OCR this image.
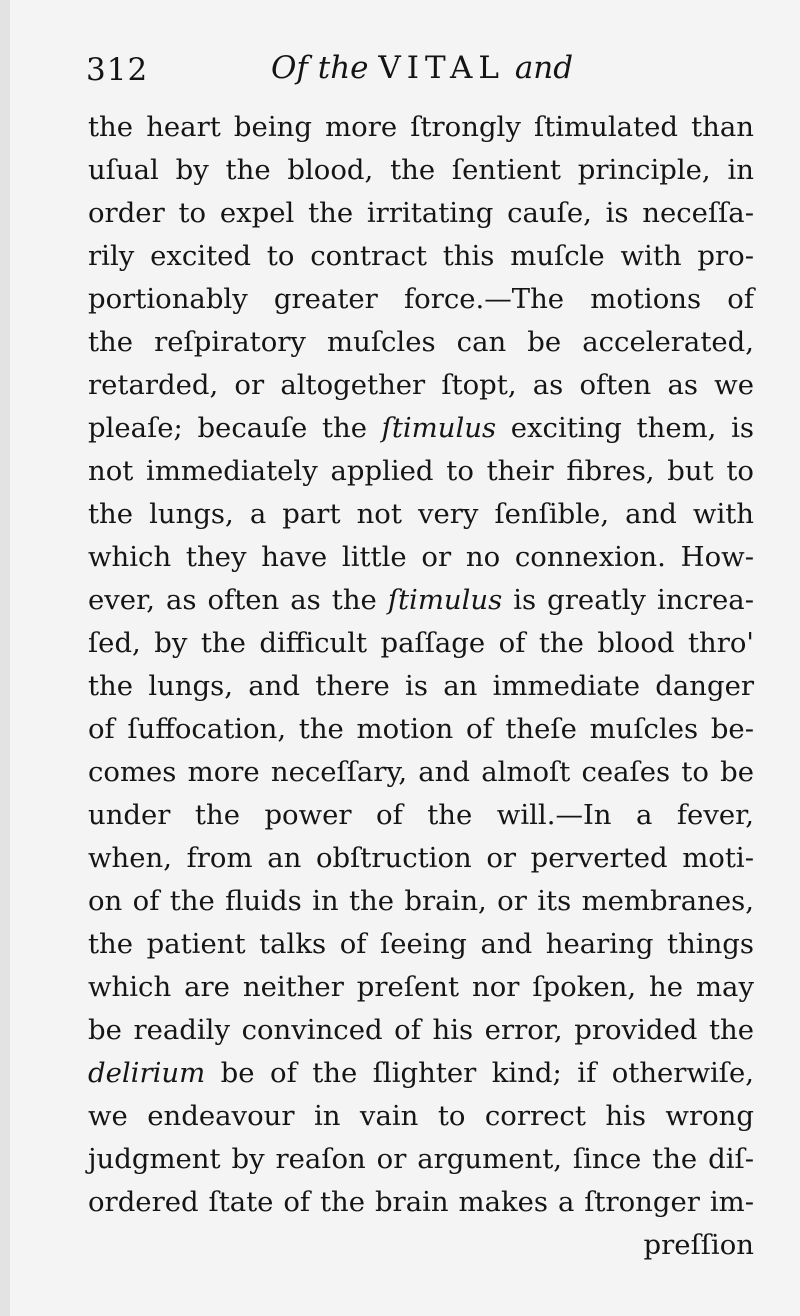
312	Of the VITAL and
the heart being more ſtrongly ſtimulated than
uſual by the blood, the ſentient principle, in
order to expel the irritating cauſe, is neceſſa-
rily excited to contract this muſcle with pro-
portionably greater force.—The motions of
the reſpiratory muſcles can be accelerated,
retarded, or altogether ſtopt, as often as we
pleaſe; becauſe the ſtimulus exciting them, is
not immediately applied to their fibres, but to
the lungs, a part not very ſenſible, and with
which they have little or no connexion. How-
ever, as often as the ſtimulus is greatly increa-
ſed, by the difficult paſſage of the blood thro'
the lungs, and there is an immediate danger
of ſuffocation, the motion of theſe muſcles be-
comes more neceſſary, and almoſt ceaſes to be
under the power of the will.—In a fever,
when, from an obſtruction or perverted moti-
on of the fluids in the brain, or its membranes,
the patient talks of ſeeing and hearing things
which are neither preſent nor ſpoken, he may
be readily convinced of his error, provided the
delirium be of the ſlighter kind; if otherwiſe,
we endeavour in vain to correct his wrong
judgment by reaſon or argument, ſince the diſ-
ordered ſtate of the brain makes a ſtronger im-
preſſion
